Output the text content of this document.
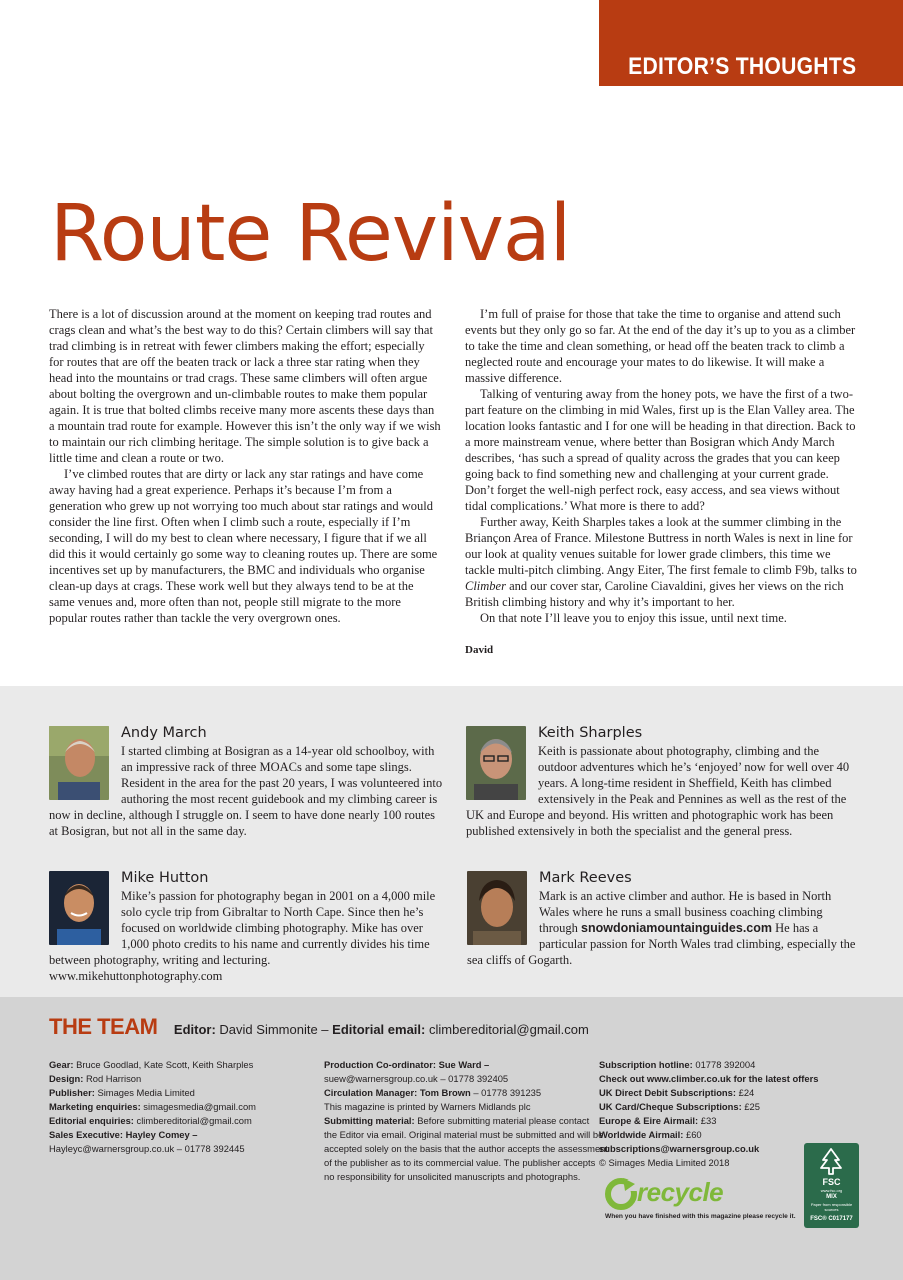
EDITOR’S THOUGHTS
Route Revival

There is a lot of discussion around at the moment on keeping trad routes and crags clean and what’s the best way to do this? Certain climbers will say that trad climbing is in retreat with fewer climbers making the effort; especially for routes that are off the beaten track or lack a three star rating when they head into the mountains or trad crags. These same climbers will often argue about bolting the overgrown and un-climbable routes to make them popular again. It is true that bolted climbs receive many more ascents these days than a mountain trad route for example. However this isn’t the only way if we wish to maintain our rich climbing heritage. The simple solution is to give back a little time and clean a route or two.

I’ve climbed routes that are dirty or lack any star ratings and have come away having had a great experience. Perhaps it’s because I’m from a generation who grew up not worrying too much about star ratings and would consider the line first. Often when I climb such a route, especially if I’m seconding, I will do my best to clean where necessary, I figure that if we all did this it would certainly go some way to cleaning routes up. There are some incentives set up by manufacturers, the BMC and individuals who organise clean-up days at crags. These work well but they always tend to be at the same venues and, more often than not, people still migrate to the more popular routes rather than tackle the very overgrown ones.

I’m full of praise for those that take the time to organise and attend such events but they only go so far. At the end of the day it’s up to you as a climber to take the time and clean something, or head off the beaten track to climb a neglected route and encourage your mates to do likewise. It will make a massive difference.

Talking of venturing away from the honey pots, we have the first of a two-part feature on the climbing in mid Wales, first up is the Elan Valley area. The location looks fantastic and I for one will be heading in that direction. Back to a more mainstream venue, where better than Bosigran which Andy March describes, ‘has such a spread of quality across the grades that you can keep going back to find something new and challenging at your current grade. Don’t forget the well-nigh perfect rock, easy access, and sea views without tidal complications.’ What more is there to add?

Further away, Keith Sharples takes a look at the summer climbing in the Briançon Area of France. Milestone Buttress in north Wales is next in line for our look at quality venues suitable for lower grade climbers, this time we tackle multi-pitch climbing. Angy Eiter, The first female to climb F9b, talks to Climber and our cover star, Caroline Ciavaldini, gives her views on the rich British climbing history and why it’s important to her.

On that note I’ll leave you to enjoy this issue, until next time.

David

Andy March

I started climbing at Bosigran as a 14-year old schoolboy, with an impressive rack of three MOACs and some tape slings. Resident in the area for the past 20 years, I was volunteered into authoring the most recent guidebook and my climbing career is now in decline, although I struggle on. I seem to have done nearly 100 routes at Bosigran, but not all in the same day.

Keith Sharples

Keith is passionate about photography, climbing and the outdoor adventures which he’s ‘enjoyed’ now for well over 40 years. A long-time resident in Sheffield, Keith has climbed extensively in the Peak and Pennines as well as the rest of the UK and Europe and beyond. His written and photographic work has been published extensively in both the specialist and the general press.

Mike Hutton

Mike’s passion for photography began in 2001 on a 4,000 mile solo cycle trip from Gibraltar to North Cape. Since then he’s focused on worldwide climbing photography. Mike has over 1,000 photo credits to his name and currently divides his time between photography, writing and lecturing. www.mikehuttonphotography.com

Mark Reeves

Mark is an active climber and author. He is based in North Wales where he runs a small business coaching climbing through snowdoniamountainguides.com He has a particular passion for North Wales trad climbing, especially the sea cliffs of Gogarth.

THE TEAM Editor: David Simmonite – Editorial email: climbereditorial@gmail.com
Gear: Bruce Goodlad, Kate Scott, Keith Sharples
Design: Rod Harrison
Publisher: Simages Media Limited
Marketing enquiries: simagesmedia@gmail.com
Editorial enquiries: climbereditorial@gmail.com
Sales Executive: Hayley Comey –
Hayleyc@warnersgroup.co.uk – 01778 392445
Production Co-ordinator: Sue Ward –
suew@warnersgroup.co.uk – 01778 392405
Circulation Manager: Tom Brown – 01778 391235
This magazine is printed by Warners Midlands plc
Submitting material: Before submitting material please contact
the Editor via email. Original material must be submitted and will be
accepted solely on the basis that the author accepts the assessment
of the publisher as to its commercial value. The publisher accepts
no responsibility for unsolicited manuscripts and photographs.
Subscription hotline: 01778 392004
Check out www.climber.co.uk for the latest offers
UK Direct Debit Subscriptions: £24
UK Card/Cheque Subscriptions: £25
Europe & Eire Airmail: £33
Worldwide Airmail: £60
subscriptions@warnersgroup.co.uk
© Simages Media Limited 2018
recycle
When you have finished with this magazine please recycle it.
FSC
www.fsc.org
MIX
Paper from responsible sources
FSC® C017177
